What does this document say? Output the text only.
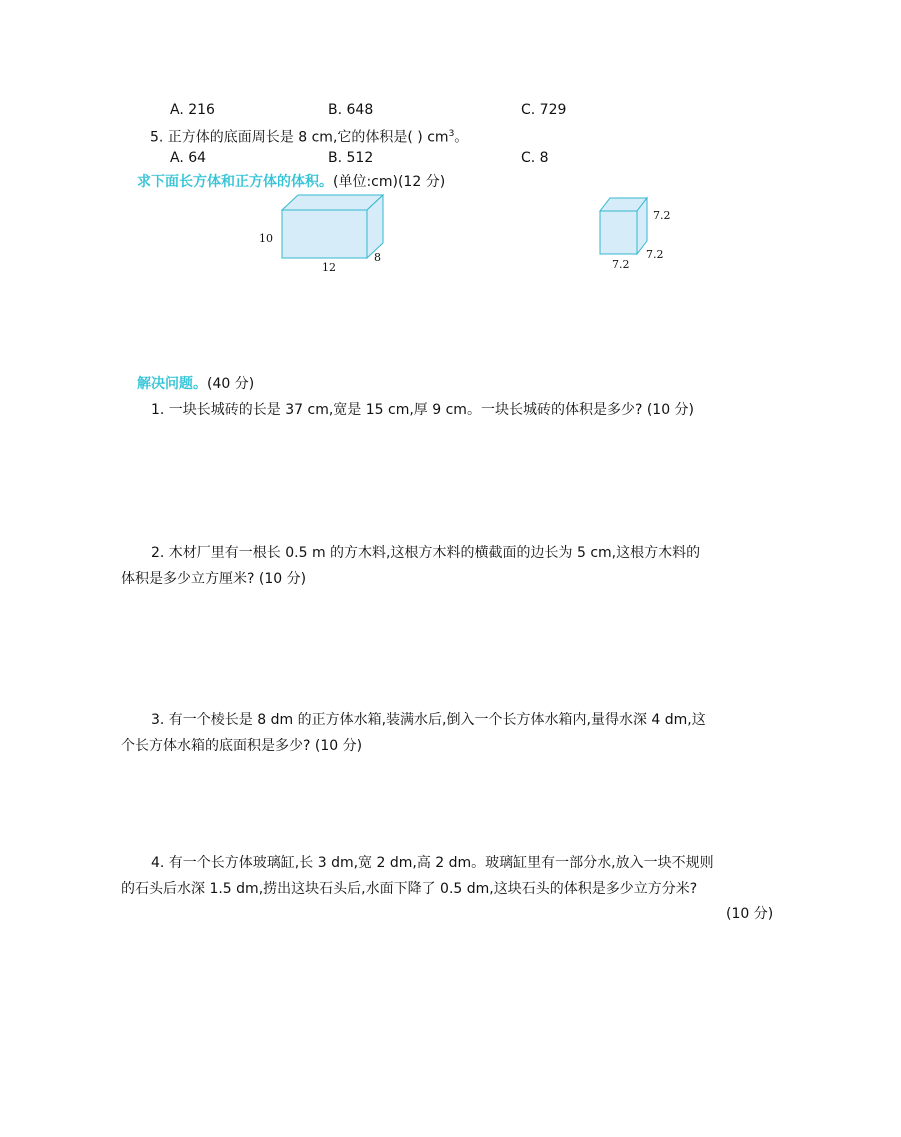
A. 216	B. 648	C. 729
5. 正方体的底面周长是 8 cm,它的体积是( ) $cm^3$。
A. 64	B. 512	C. 8
求下面长方体和正方体的体积。(单位:cm)(12 分)
10
12
8
7.2
7.2
7.2
解决问题。(40 分)
1. 一块长城砖的长是 37 cm,宽是 15 cm,厚 9 cm。一块长城砖的体积是多少? (10 分)
2. 木材厂里有一根长 0.5 m 的方木料,这根方木料的横截面的边长为 5 cm,这根方木料的
体积是多少立方厘米? (10 分)
3. 有一个棱长是 8 dm 的正方体水箱,装满水后,倒入一个长方体水箱内,量得水深 4 dm,这
个长方体水箱的底面积是多少? (10 分)
4. 有一个长方体玻璃缸,长 3 dm,宽 2 dm,高 2 dm。玻璃缸里有一部分水,放入一块不规则
的石头后水深 1.5 dm,捞出这块石头后,水面下降了 0.5 dm,这块石头的体积是多少立方分米?
(10 分)
